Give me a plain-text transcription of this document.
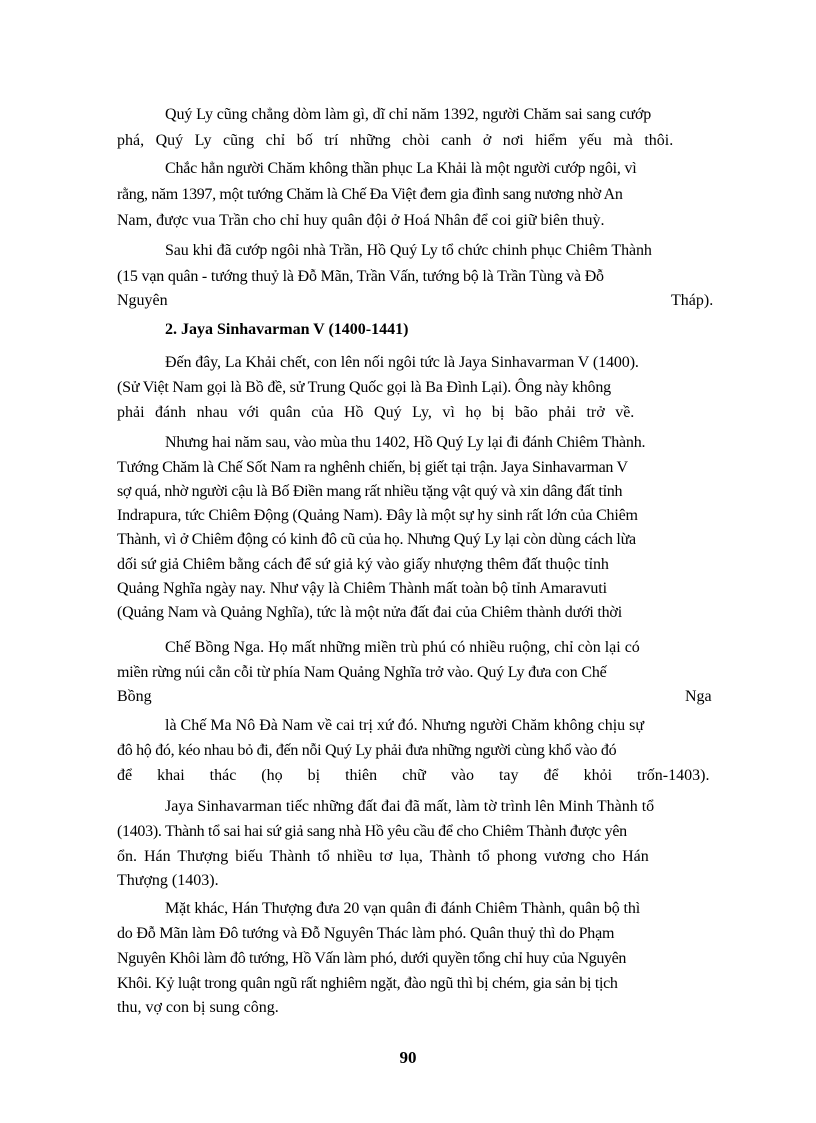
Quý Ly cũng chẳng dòm làm gì, dĩ chỉ năm 1392, người Chăm sai sang cướp
phá, Quý Ly cũng chỉ bố trí những chòi canh ở nơi hiểm yếu mà thôi.
Chắc hẳn người Chăm không thần phục La Khải là một người cướp ngôi, vì
rằng, năm 1397, một tướng Chăm là Chế Đa Việt đem gia đình sang nương nhờ An
Nam, được vua Trần cho chỉ huy quân đội ở Hoá Nhân để coi giữ biên thuỳ.
Sau khi đã cướp ngôi nhà Trần, Hồ Quý Ly tổ chức chinh phục Chiêm Thành
(15 vạn quân - tướng thuỷ là Đỗ Mãn, Trần Vấn, tướng bộ là Trần Tùng và Đỗ
Nguyên	Tháp).
2. Jaya Sinhavarman V (1400-1441)
Đến đây, La Khải chết, con lên nối ngôi tức là Jaya Sinhavarman V (1400).
(Sử Việt Nam gọi là Bồ đề, sử Trung Quốc gọi là Ba Đình Lại). Ông này không
phải đánh nhau với quân của Hồ Quý Ly, vì họ bị bão phải trở về.
Nhưng hai năm sau, vào mùa thu 1402, Hồ Quý Ly lại đi đánh Chiêm Thành.
Tướng Chăm là Chế Sốt Nam ra nghênh chiến, bị giết tại trận. Jaya Sinhavarman V
sợ quá, nhờ người cậu là Bố Điền mang rất nhiều tặng vật quý và xin dâng đất tỉnh
Indrapura, tức Chiêm Động (Quảng Nam). Đây là một sự hy sinh rất lớn của Chiêm
Thành, vì ở Chiêm động có kinh đô cũ của họ. Nhưng Quý Ly lại còn dùng cách lừa
dối sứ giả Chiêm bằng cách để sứ giả ký vào giấy nhượng thêm đất thuộc tỉnh
Quảng Nghĩa ngày nay. Như vậy là Chiêm Thành mất toàn bộ tỉnh Amaravuti
(Quảng Nam và Quảng Nghĩa), tức là một nửa đất đai của Chiêm thành dưới thời
Chế Bồng Nga. Họ mất những miền trù phú có nhiều ruộng, chỉ còn lại có
miền rừng núi cằn cỗi từ phía Nam Quảng Nghĩa trở vào. Quý Ly đưa con Chế
Bồng	Nga
là Chế Ma Nô Đà Nam về cai trị xứ đó. Nhưng người Chăm không chịu sự
đô hộ đó, kéo nhau bỏ đi, đến nỗi Quý Ly phải đưa những người cùng khổ vào đó
để khai thác (họ bị thiên chữ vào tay để khỏi trốn-1403).
Jaya Sinhavarman tiếc những đất đai đã mất, làm tờ trình lên Minh Thành tổ
(1403). Thành tổ sai hai sứ giả sang nhà Hồ yêu cầu để cho Chiêm Thành được yên
ổn. Hán Thượng biếu Thành tổ nhiều tơ lụa, Thành tổ phong vương cho Hán
Thượng (1403).
Mặt khác, Hán Thượng đưa 20 vạn quân đi đánh Chiêm Thành, quân bộ thì
do Đỗ Mãn làm Đô tướng và Đỗ Nguyên Thác làm phó. Quân thuỷ thì do Phạm
Nguyên Khôi làm đô tướng, Hồ Vấn làm phó, dưới quyền tổng chỉ huy của Nguyên
Khôi. Kỷ luật trong quân ngũ rất nghiêm ngặt, đào ngũ thì bị chém, gia sản bị tịch
thu, vợ con bị sung công.
90
